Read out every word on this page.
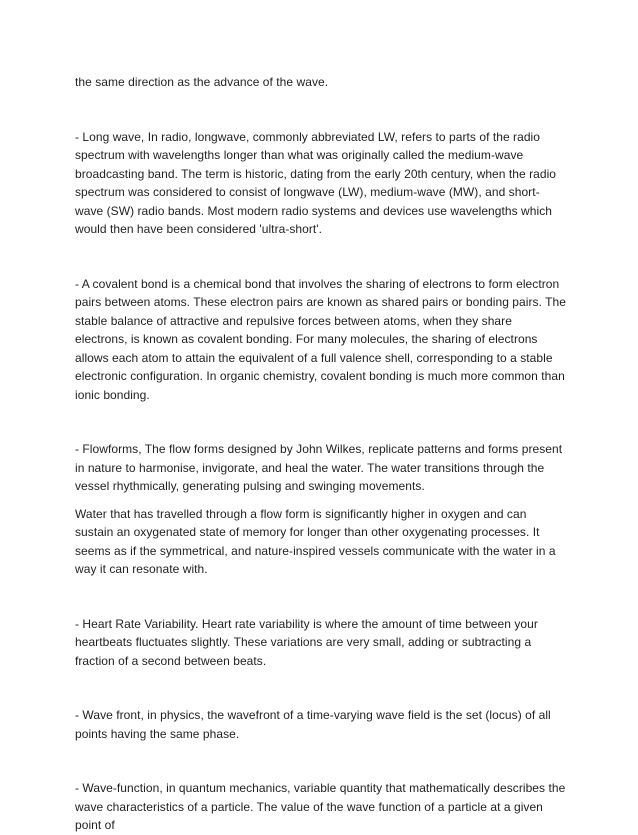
the same direction as the advance of the wave.

- Long wave, In radio, longwave, commonly abbreviated LW, refers to parts of the radio spectrum with wavelengths longer than what was originally called the medium-wave broadcasting band. The term is historic, dating from the early 20th century, when the radio spectrum was considered to consist of longwave (LW), medium-wave (MW), and short-wave (SW) radio bands. Most modern radio systems and devices use wavelengths which would then have been considered 'ultra-short'.

- A covalent bond is a chemical bond that involves the sharing of electrons to form electron pairs between atoms. These electron pairs are known as shared pairs or bonding pairs. The stable balance of attractive and repulsive forces between atoms, when they share electrons, is known as covalent bonding. For many molecules, the sharing of electrons allows each atom to attain the equivalent of a full valence shell, corresponding to a stable electronic configuration. In organic chemistry, covalent bonding is much more common than ionic bonding.

- Flowforms, The flow forms designed by John Wilkes, replicate patterns and forms present in nature to harmonise, invigorate, and heal the water. The water transitions through the vessel rhythmically, generating pulsing and swinging movements.

Water that has travelled through a flow form is significantly higher in oxygen and can sustain an oxygenated state of memory for longer than other oxygenating processes. It seems as if the symmetrical, and nature-inspired vessels communicate with the water in a way it can resonate with.

- Heart Rate Variability. Heart rate variability is where the amount of time between your heartbeats fluctuates slightly. These variations are very small, adding or subtracting a fraction of a second between beats.

- Wave front, in physics, the wavefront of a time-varying wave field is the set (locus) of all points having the same phase.

- Wave-function, in quantum mechanics, variable quantity that mathematically describes the wave characteristics of a particle. The value of the wave function of a particle at a given point of
